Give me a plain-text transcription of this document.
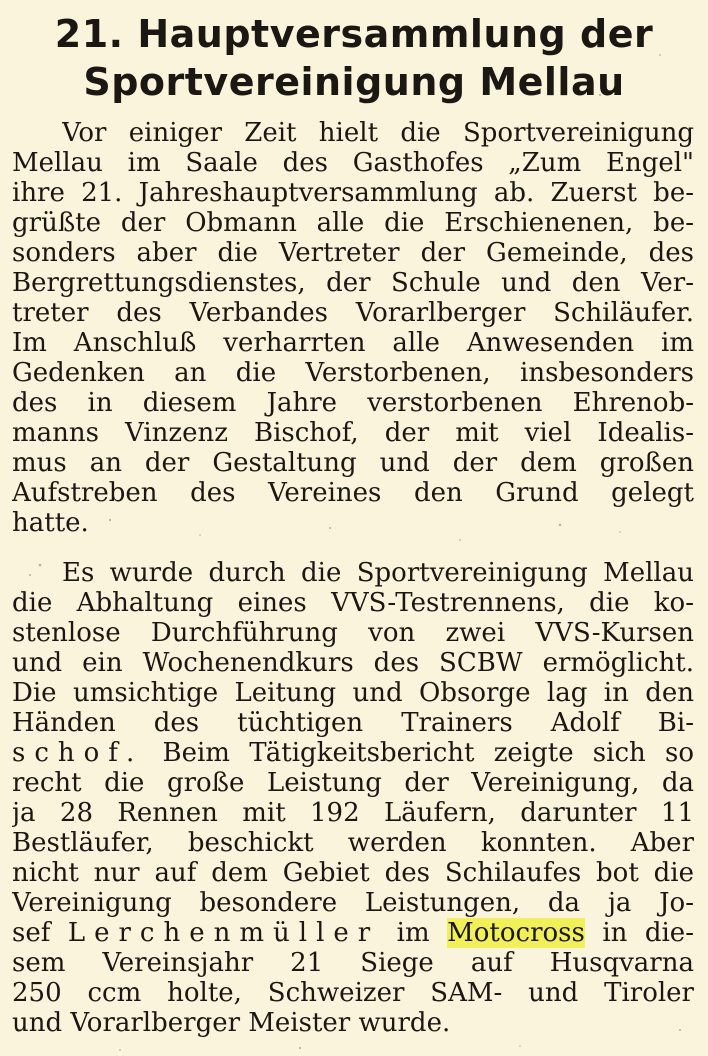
21. Hauptversammlung der
Sportvereinigung Mellau
Vor einiger Zeit hielt die Sportvereinigung
Mellau im Saale des Gasthofes „Zum Engel"
ihre 21. Jahreshauptversammlung ab. Zuerst be-
grüßte der Obmann alle die Erschienenen, be-
sonders aber die Vertreter der Gemeinde, des
Bergrettungsdienstes, der Schule und den Ver-
treter des Verbandes Vorarlberger Schiläufer.
Im Anschluß verharrten alle Anwesenden im
Gedenken an die Verstorbenen, insbesonders
des in diesem Jahre verstorbenen Ehrenob-
manns Vinzenz Bischof, der mit viel Idealis-
mus an der Gestaltung und der dem großen
Aufstreben des Vereines den Grund gelegt
hatte.
Es wurde durch die Sportvereinigung Mellau
die Abhaltung eines VVS-Testrennens, die ko-
stenlose Durchführung von zwei VVS-Kursen
und ein Wochenendkurs des SCBW ermöglicht.
Die umsichtige Leitung und Obsorge lag in den
Händen des tüchtigen Trainers Adolf Bi-
schof. Beim Tätigkeitsbericht zeigte sich so
recht die große Leistung der Vereinigung, da
ja 28 Rennen mit 192 Läufern, darunter 11
Bestläufer, beschickt werden konnten. Aber
nicht nur auf dem Gebiet des Schilaufes bot die
Vereinigung besondere Leistungen, da ja Jo-
sef Lerchenmüller im Motocross in die-
sem Vereinsjahr 21 Siege auf Husqvarna
250 ccm holte, Schweizer SAM- und Tiroler
und Vorarlberger Meister wurde.
